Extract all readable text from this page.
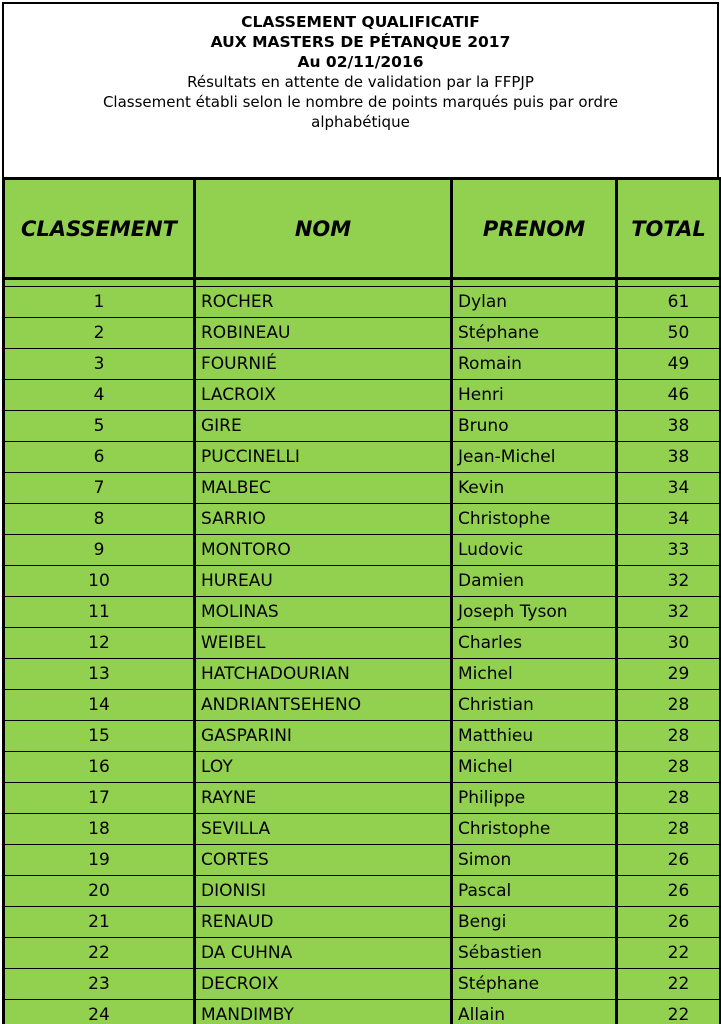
CLASSEMENT QUALIFICATIF
AUX MASTERS DE PÉTANQUE 2017
Au 02/11/2016
Résultats en attente de validation par la FFPJP
Classement établi selon le nombre de points marqués puis par ordre
alphabétique
CLASSEMENT	NOM	PRENOM	TOTAL

1	ROCHER	Dylan	61
2	ROBINEAU	Stéphane	50
3	FOURNIÉ	Romain	49
4	LACROIX	Henri	46
5	GIRE	Bruno	38
6	PUCCINELLI	Jean-Michel	38
7	MALBEC	Kevin	34
8	SARRIO	Christophe	34
9	MONTORO	Ludovic	33
10	HUREAU	Damien	32
11	MOLINAS	Joseph Tyson	32
12	WEIBEL	Charles	30
13	HATCHADOURIAN	Michel	29
14	ANDRIANTSEHENO	Christian	28
15	GASPARINI	Matthieu	28
16	LOY	Michel	28
17	RAYNE	Philippe	28
18	SEVILLA	Christophe	28
19	CORTES	Simon	26
20	DIONISI	Pascal	26
21	RENAUD	Bengi	26
22	DA CUHNA	Sébastien	22
23	DECROIX	Stéphane	22
24	MANDIMBY	Allain	22
